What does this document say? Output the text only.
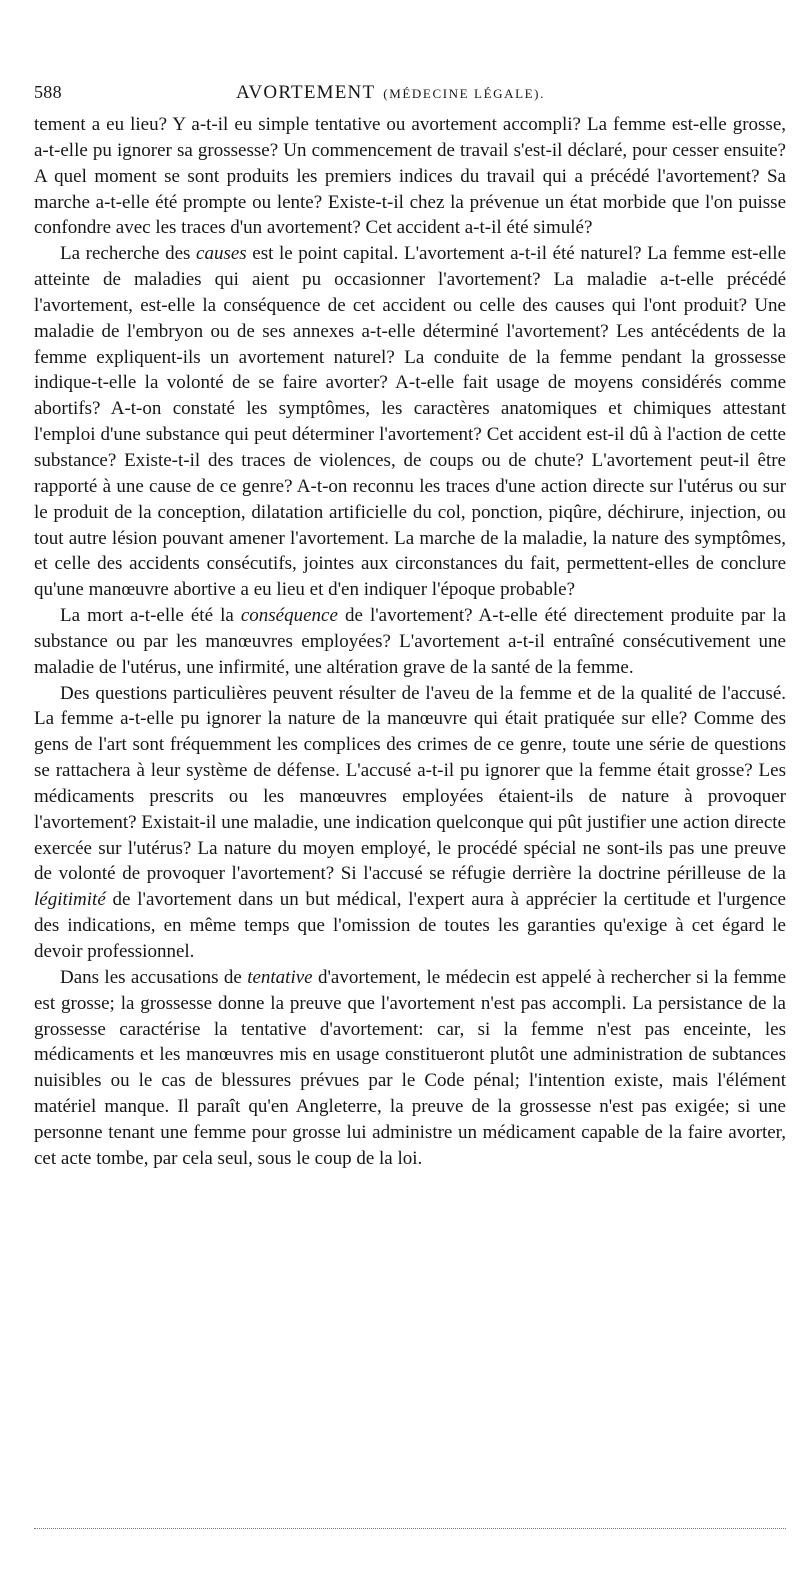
588	AVORTEMENT (MÉDECINE LÉGALE).

tement a eu lieu? Y a-t-il eu simple tentative ou avortement accompli? La femme est-elle grosse, a-t-elle pu ignorer sa grossesse? Un commencement de travail s'est-il déclaré, pour cesser ensuite? A quel moment se sont produits les premiers indices du travail qui a précédé l'avortement? Sa marche a-t-elle été prompte ou lente? Existe-t-il chez la prévenue un état morbide que l'on puisse confondre avec les traces d'un avortement? Cet accident a-t-il été simulé?

La recherche des causes est le point capital. L'avortement a-t-il été naturel? La femme est-elle atteinte de maladies qui aient pu occasionner l'avortement? La maladie a-t-elle précédé l'avortement, est-elle la conséquence de cet accident ou celle des causes qui l'ont produit? Une maladie de l'embryon ou de ses annexes a-t-elle déterminé l'avortement? Les antécédents de la femme expliquent-ils un avortement naturel? La conduite de la femme pendant la grossesse indique-t-elle la volonté de se faire avorter? A-t-elle fait usage de moyens considérés comme abortifs? A-t-on constaté les symptômes, les caractères anatomiques et chimiques attestant l'emploi d'une substance qui peut déterminer l'avortement? Cet accident est-il dû à l'action de cette substance? Existe-t-il des traces de violences, de coups ou de chute? L'avortement peut-il être rapporté à une cause de ce genre? A-t-on reconnu les traces d'une action directe sur l'utérus ou sur le produit de la conception, dilatation artificielle du col, ponction, piqûre, déchirure, injection, ou tout autre lésion pouvant amener l'avortement. La marche de la maladie, la nature des symptômes, et celle des accidents consécutifs, jointes aux circonstances du fait, permettent-elles de conclure qu'une manœuvre abortive a eu lieu et d'en indiquer l'époque probable?

La mort a-t-elle été la conséquence de l'avortement? A-t-elle été directement produite par la substance ou par les manœuvres employées? L'avortement a-t-il entraîné consécutivement une maladie de l'utérus, une infirmité, une altération grave de la santé de la femme.

Des questions particulières peuvent résulter de l'aveu de la femme et de la qualité de l'accusé. La femme a-t-elle pu ignorer la nature de la manœuvre qui était pratiquée sur elle? Comme des gens de l'art sont fréquemment les complices des crimes de ce genre, toute une série de questions se rattachera à leur système de défense. L'accusé a-t-il pu ignorer que la femme était grosse? Les médicaments prescrits ou les manœuvres employées étaient-ils de nature à provoquer l'avortement? Existait-il une maladie, une indication quelconque qui pût justifier une action directe exercée sur l'utérus? La nature du moyen employé, le procédé spécial ne sont-ils pas une preuve de volonté de provoquer l'avortement? Si l'accusé se réfugie derrière la doctrine périlleuse de la légitimité de l'avortement dans un but médical, l'expert aura à apprécier la certitude et l'urgence des indications, en même temps que l'omission de toutes les garanties qu'exige à cet égard le devoir professionnel.

Dans les accusations de tentative d'avortement, le médecin est appelé à rechercher si la femme est grosse; la grossesse donne la preuve que l'avortement n'est pas accompli. La persistance de la grossesse caractérise la tentative d'avortement: car, si la femme n'est pas enceinte, les médicaments et les manœuvres mis en usage constitueront plutôt une administration de subtances nuisibles ou le cas de blessures prévues par le Code pénal; l'intention existe, mais l'élément matériel manque. Il paraît qu'en Angleterre, la preuve de la grossesse n'est pas exigée; si une personne tenant une femme pour grosse lui administre un médicament capable de la faire avorter, cet acte tombe, par cela seul, sous le coup de la loi.
